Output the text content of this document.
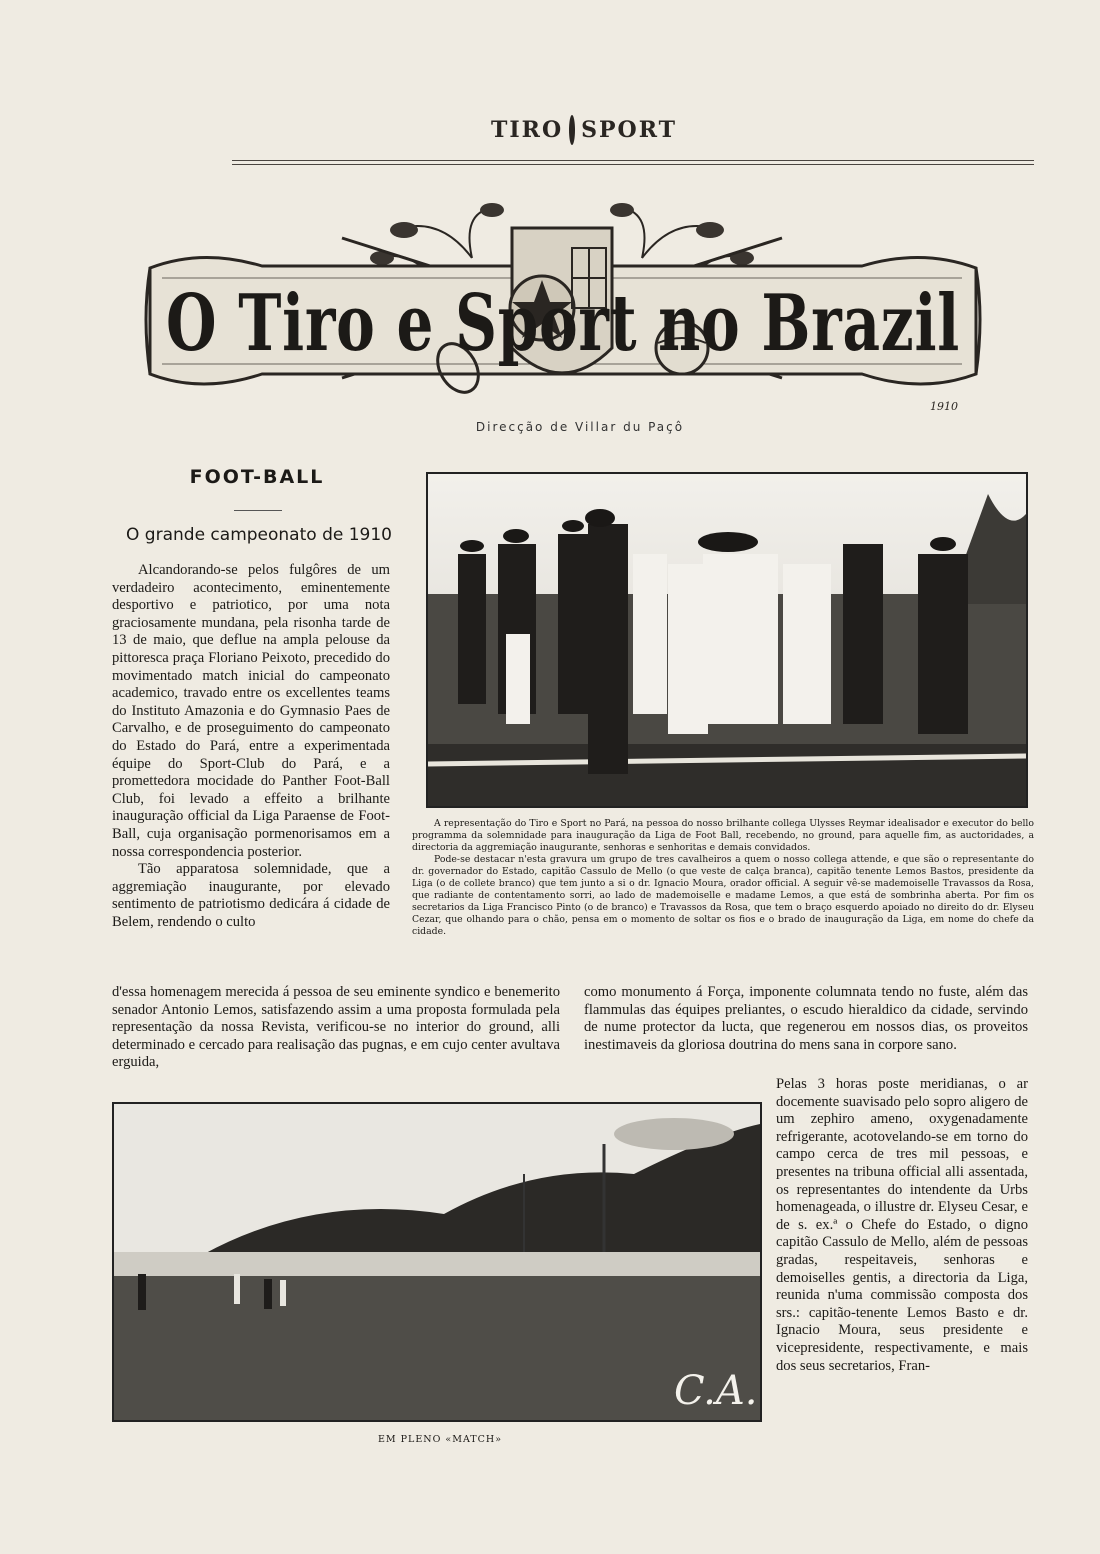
TIRO SPORT
O Tiro e Sport no Brazil
1910
Direcção de Villar du Paçô
FOOT-BALL
O grande campeonato de 1910

Alcandorando-se pelos fulgôres de um verdadeiro acontecimento, eminentemente desportivo e patriotico, por uma nota graciosamente mundana, pela risonha tarde de 13 de maio, que deflue na ampla pelouse da pittoresca praça Floriano Peixoto, precedido do movimentado match inicial do campeonato academico, travado entre os excellentes teams do Instituto Amazonia e do Gymnasio Paes de Carvalho, e de proseguimento do campeonato do Estado do Pará, entre a experimentada équipe do Sport-Club do Pará, e a promettedora mocidade do Panther Foot-Ball Club, foi levado a effeito a brilhante inauguração official da Liga Paraense de Foot-Ball, cuja organisação pormenorisamos em a nossa correspondencia posterior.

Tão apparatosa solemnidade, que a aggremiação inaugurante, por elevado sentimento de patriotismo dedicára á cidade de Belem, rendendo o culto

A representação do Tiro e Sport no Pará, na pessoa do nosso brilhante collega Ulysses Reymar idealisador e executor do bello programma da solemnidade para inauguração da Liga de Foot Ball, recebendo, no ground, para aquelle fim, as auctoridades, a directoria da aggremiação inaugurante, senhoras e senhoritas e demais convidados.

Pode-se destacar n'esta gravura um grupo de tres cavalheiros a quem o nosso collega attende, e que são o representante do dr. governador do Estado, capitão Cassulo de Mello (o que veste de calça branca), capitão tenente Lemos Bastos, presidente da Liga (o de collete branco) que tem junto a si o dr. Ignacio Moura, orador official. A seguir vê-se mademoiselle Travassos da Rosa, que radiante de contentamento sorri, ao lado de mademoiselle e madame Lemos, a que está de sombrinha aberta. Por fim os secretarios da Liga Francisco Pinto (o de branco) e Travassos da Rosa, que tem o braço esquerdo apoiado no direito do dr. Elyseu Cezar, que olhando para o chão, pensa em o momento de soltar os fios e o brado de inauguração da Liga, em nome do chefe da cidade.

d'essa homenagem merecida á pessoa de seu eminente syndico e benemerito senador Antonio Lemos, satisfazendo assim a uma proposta formulada pela representação da nossa Revista, verificou-se no interior do ground, alli determinado e cercado para realisação das pugnas, e em cujo center avultava erguida,
como monumento á Força, imponente columnata tendo no fuste, além das flammulas das équipes preliantes, o escudo hieraldico da cidade, servindo de nume protector da lucta, que regenerou em nossos dias, os proveitos inestimaveis da gloriosa doutrina do mens sana in corpore sano.
C.A.
EM PLENO «MATCH»
Pelas 3 horas poste meridianas, o ar docemente suavisado pelo sopro aligero de um zephiro ameno, oxygenadamente refrigerante, acotovelando-se em torno do campo cerca de tres mil pessoas, e presentes na tribuna official alli assentada, os representantes do intendente da Urbs homenageada, o illustre dr. Elyseu Cesar, e de s. ex.ª o Chefe do Estado, o digno capitão Cassulo de Mello, além de pessoas gradas, respeitaveis, senhoras e demoiselles gentis, a directoria da Liga, reunida n'uma commissão composta dos srs.: capitão-tenente Lemos Basto e dr. Ignacio Moura, seus presidente e vicepresidente, respectivamente, e mais dos seus secretarios, Fran-
